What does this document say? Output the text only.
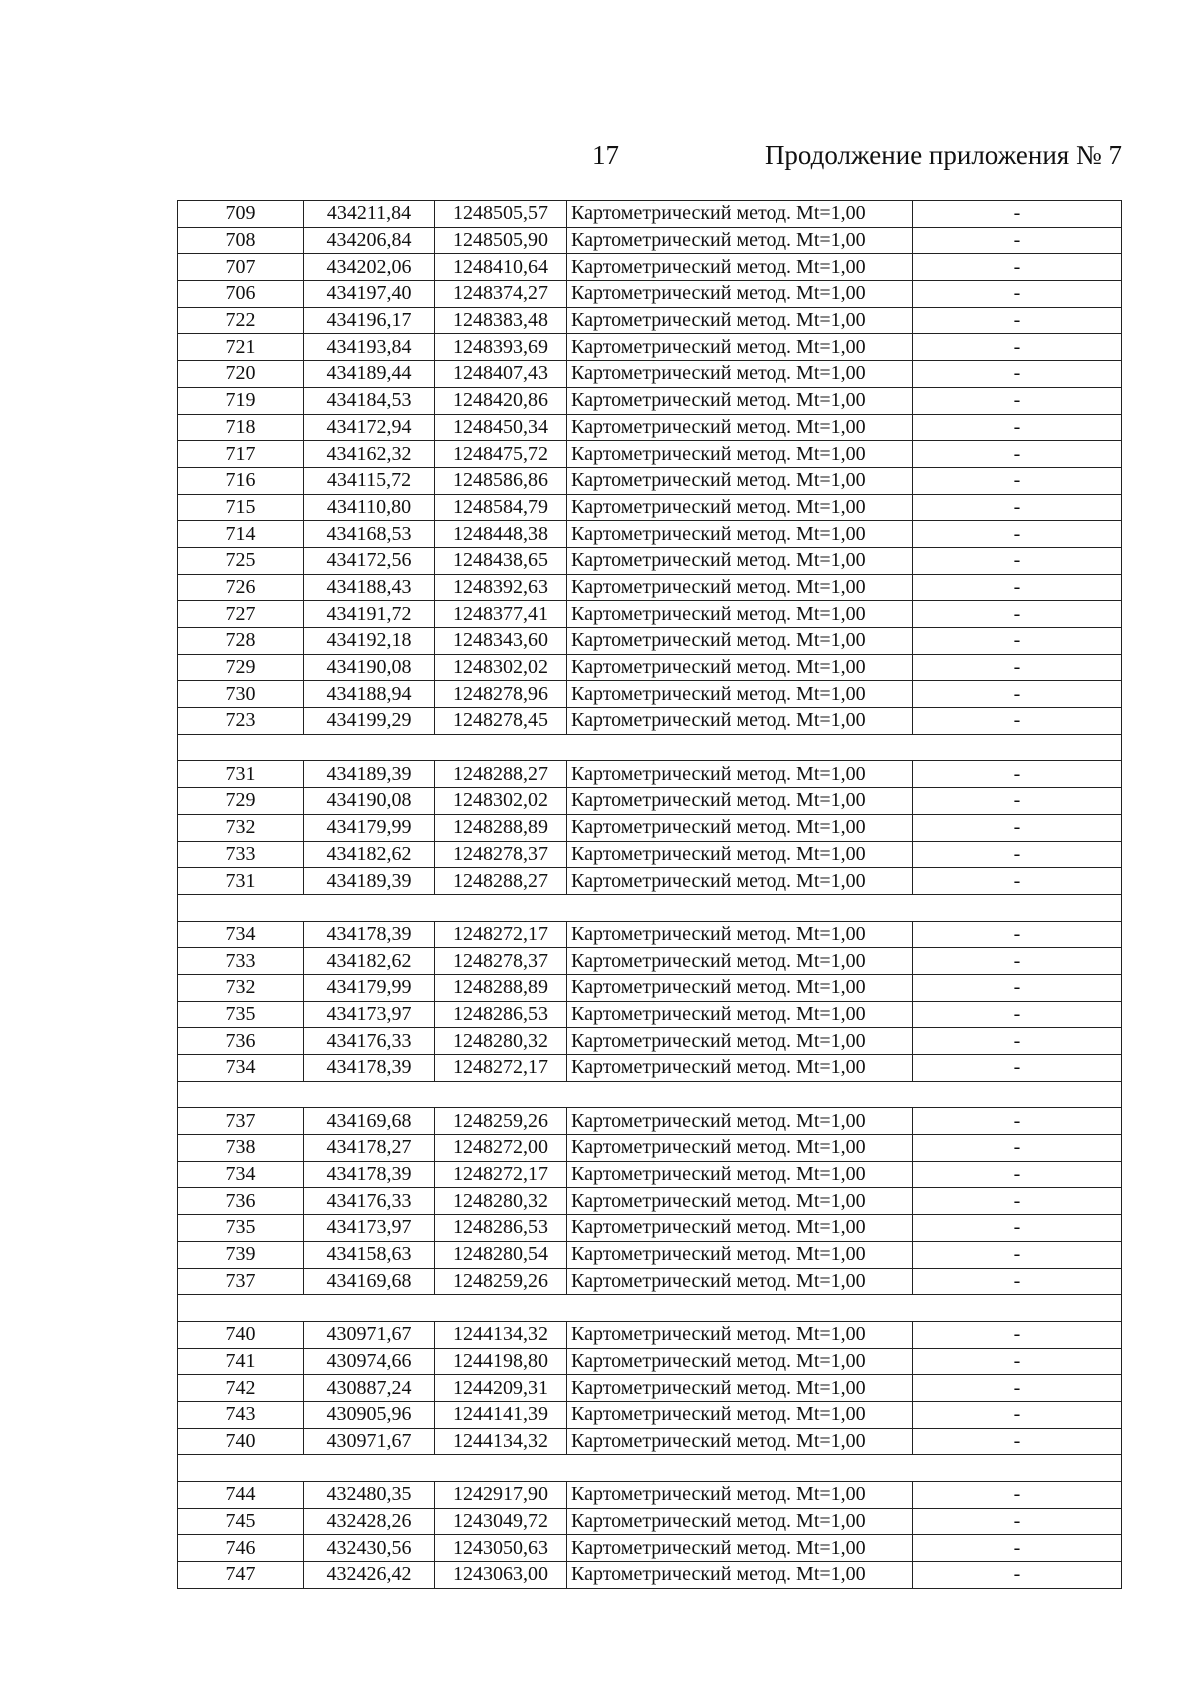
17	Продолжение приложения № 7
709	434211,84	1248505,57	Картометрический метод. Mt=1,00	-
708	434206,84	1248505,90	Картометрический метод. Mt=1,00	-
707	434202,06	1248410,64	Картометрический метод. Mt=1,00	-
706	434197,40	1248374,27	Картометрический метод. Mt=1,00	-
722	434196,17	1248383,48	Картометрический метод. Mt=1,00	-
721	434193,84	1248393,69	Картометрический метод. Mt=1,00	-
720	434189,44	1248407,43	Картометрический метод. Mt=1,00	-
719	434184,53	1248420,86	Картометрический метод. Mt=1,00	-
718	434172,94	1248450,34	Картометрический метод. Mt=1,00	-
717	434162,32	1248475,72	Картометрический метод. Mt=1,00	-
716	434115,72	1248586,86	Картометрический метод. Mt=1,00	-
715	434110,80	1248584,79	Картометрический метод. Mt=1,00	-
714	434168,53	1248448,38	Картометрический метод. Mt=1,00	-
725	434172,56	1248438,65	Картометрический метод. Mt=1,00	-
726	434188,43	1248392,63	Картометрический метод. Mt=1,00	-
727	434191,72	1248377,41	Картометрический метод. Mt=1,00	-
728	434192,18	1248343,60	Картометрический метод. Mt=1,00	-
729	434190,08	1248302,02	Картометрический метод. Mt=1,00	-
730	434188,94	1248278,96	Картометрический метод. Mt=1,00	-
723	434199,29	1248278,45	Картометрический метод. Mt=1,00	-

731	434189,39	1248288,27	Картометрический метод. Mt=1,00	-
729	434190,08	1248302,02	Картометрический метод. Mt=1,00	-
732	434179,99	1248288,89	Картометрический метод. Mt=1,00	-
733	434182,62	1248278,37	Картометрический метод. Mt=1,00	-
731	434189,39	1248288,27	Картометрический метод. Mt=1,00	-

734	434178,39	1248272,17	Картометрический метод. Mt=1,00	-
733	434182,62	1248278,37	Картометрический метод. Mt=1,00	-
732	434179,99	1248288,89	Картометрический метод. Mt=1,00	-
735	434173,97	1248286,53	Картометрический метод. Mt=1,00	-
736	434176,33	1248280,32	Картометрический метод. Mt=1,00	-
734	434178,39	1248272,17	Картометрический метод. Mt=1,00	-

737	434169,68	1248259,26	Картометрический метод. Mt=1,00	-
738	434178,27	1248272,00	Картометрический метод. Mt=1,00	-
734	434178,39	1248272,17	Картометрический метод. Mt=1,00	-
736	434176,33	1248280,32	Картометрический метод. Mt=1,00	-
735	434173,97	1248286,53	Картометрический метод. Mt=1,00	-
739	434158,63	1248280,54	Картометрический метод. Mt=1,00	-
737	434169,68	1248259,26	Картометрический метод. Mt=1,00	-

740	430971,67	1244134,32	Картометрический метод. Mt=1,00	-
741	430974,66	1244198,80	Картометрический метод. Mt=1,00	-
742	430887,24	1244209,31	Картометрический метод. Mt=1,00	-
743	430905,96	1244141,39	Картометрический метод. Mt=1,00	-
740	430971,67	1244134,32	Картометрический метод. Mt=1,00	-

744	432480,35	1242917,90	Картометрический метод. Mt=1,00	-
745	432428,26	1243049,72	Картометрический метод. Mt=1,00	-
746	432430,56	1243050,63	Картометрический метод. Mt=1,00	-
747	432426,42	1243063,00	Картометрический метод. Mt=1,00	-
